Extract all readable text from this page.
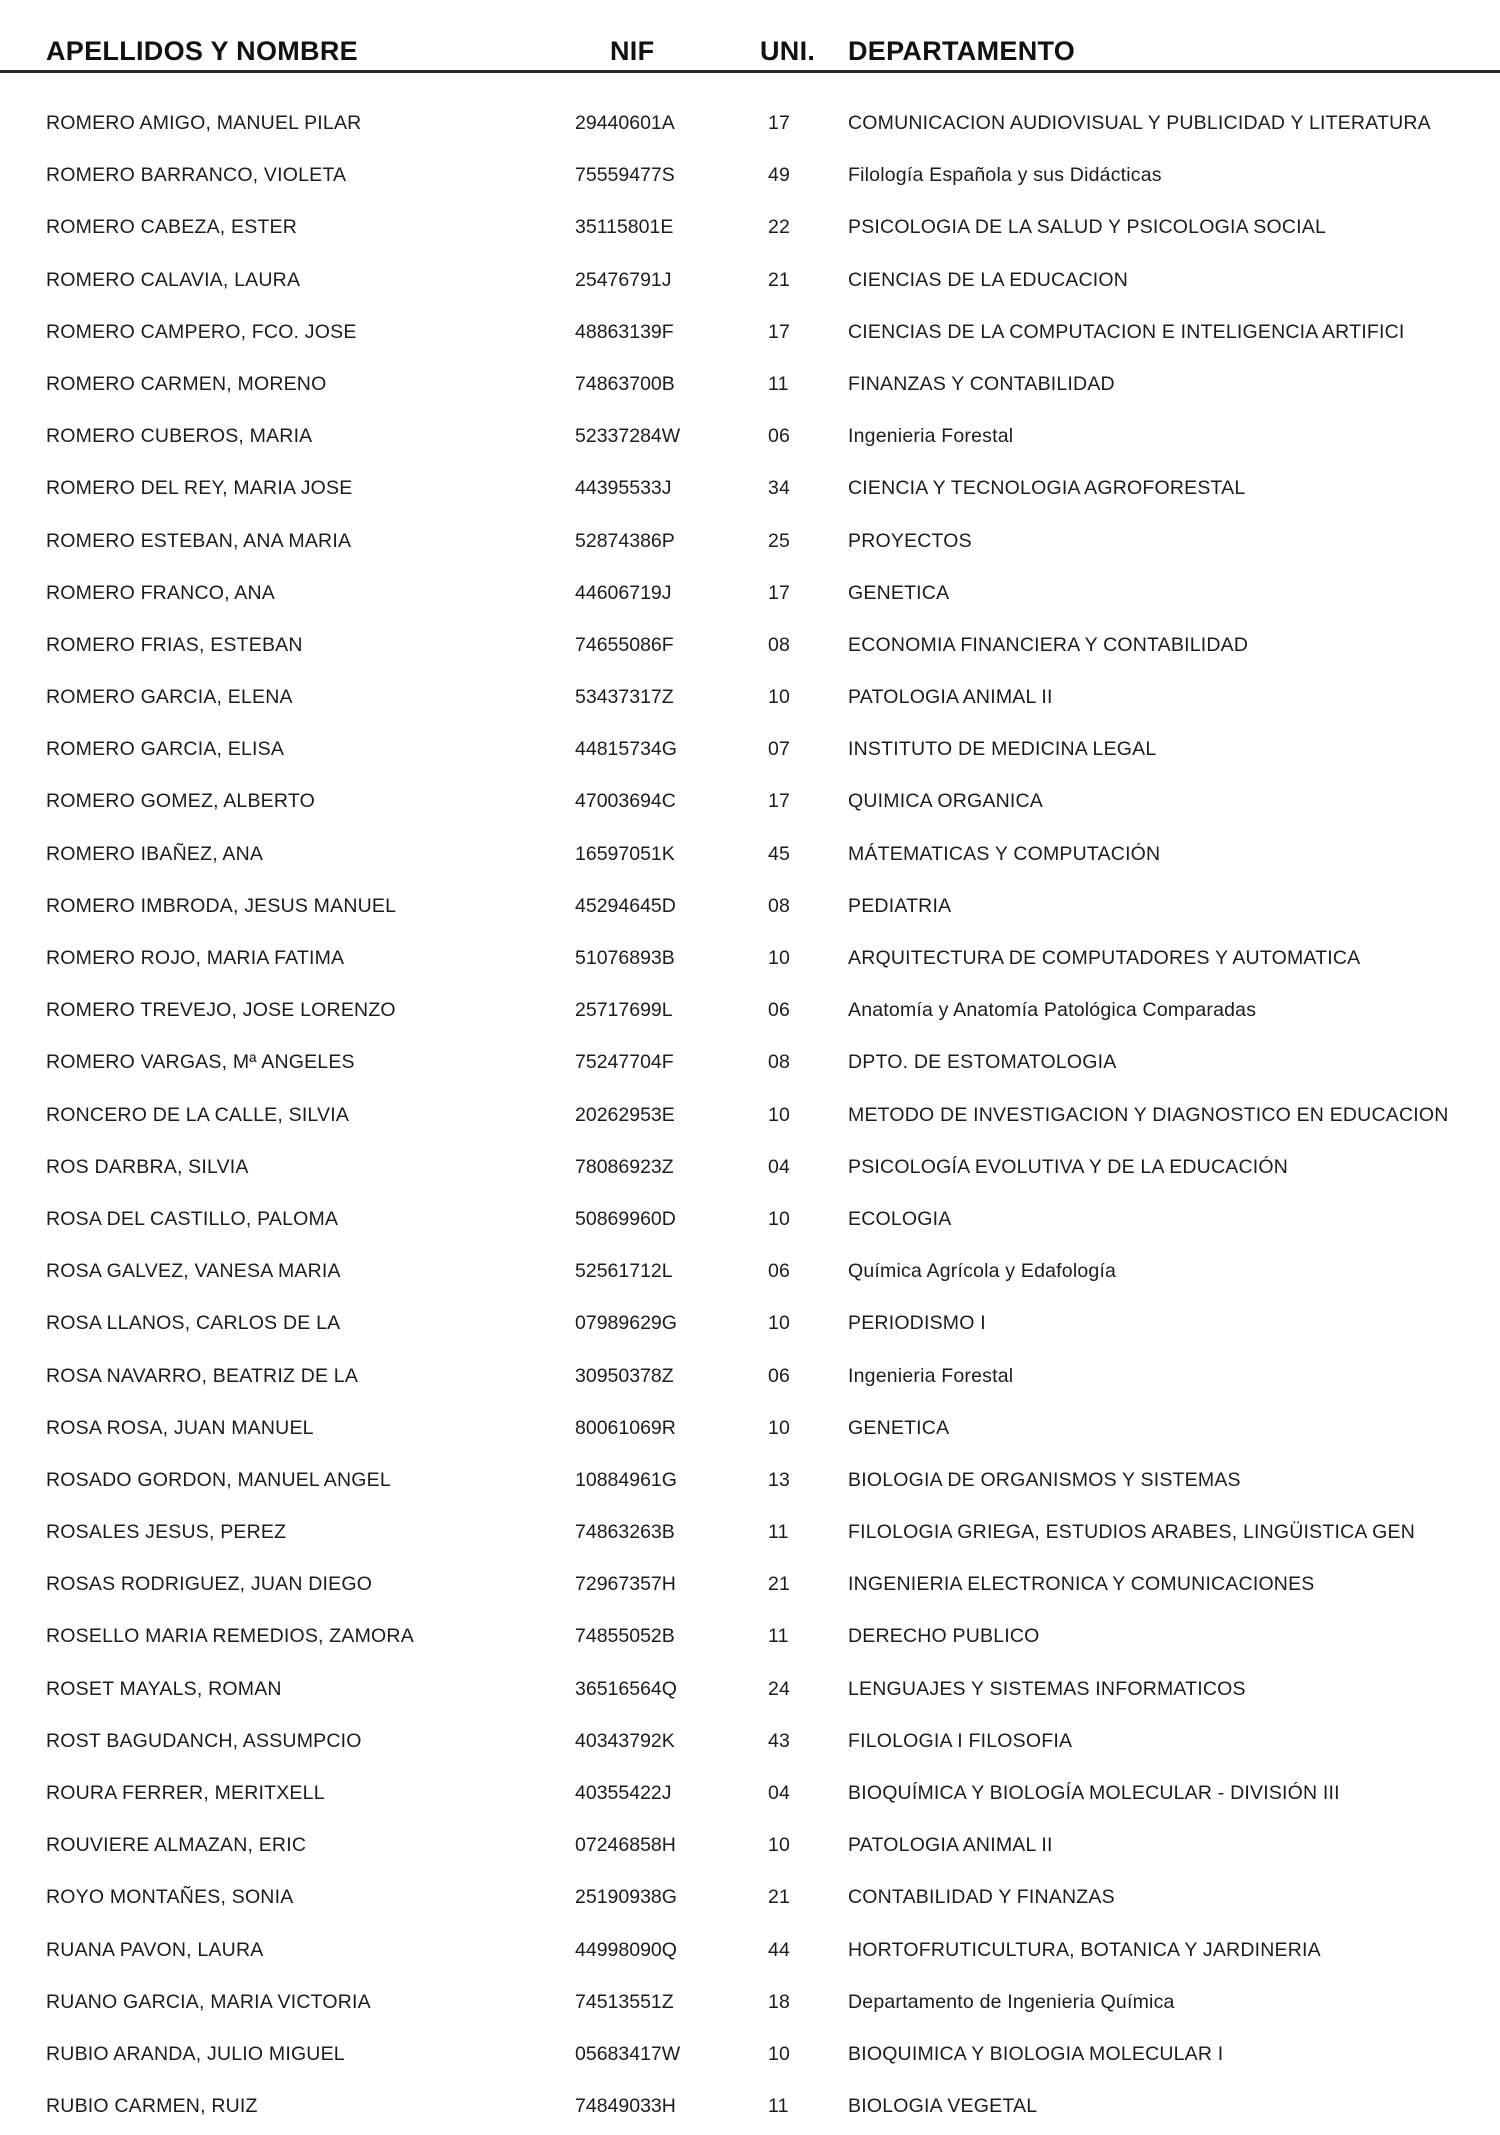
APELLIDOS Y NOMBRE	NIF	UNI. DEPARTAMENTO
ROMERO AMIGO, MANUEL PILAR	29440601A	17	COMUNICACION AUDIOVISUAL Y PUBLICIDAD Y LITERATURA
ROMERO BARRANCO, VIOLETA	75559477S	49	Filología Española y sus Didácticas
ROMERO CABEZA, ESTER	35115801E	22	PSICOLOGIA DE LA SALUD Y PSICOLOGIA SOCIAL
ROMERO CALAVIA, LAURA	25476791J	21	CIENCIAS DE LA EDUCACION
ROMERO CAMPERO, FCO. JOSE	48863139F	17	CIENCIAS DE LA COMPUTACION E INTELIGENCIA ARTIFICI
ROMERO CARMEN, MORENO	74863700B	11	FINANZAS Y CONTABILIDAD
ROMERO CUBEROS, MARIA	52337284W	06	Ingenieria Forestal
ROMERO DEL REY, MARIA JOSE	44395533J	34	CIENCIA Y TECNOLOGIA AGROFORESTAL
ROMERO ESTEBAN, ANA MARIA	52874386P	25	PROYECTOS
ROMERO FRANCO, ANA	44606719J	17	GENETICA
ROMERO FRIAS, ESTEBAN	74655086F	08	ECONOMIA FINANCIERA Y CONTABILIDAD
ROMERO GARCIA, ELENA	53437317Z	10	PATOLOGIA ANIMAL II
ROMERO GARCIA, ELISA	44815734G	07	INSTITUTO DE MEDICINA LEGAL
ROMERO GOMEZ, ALBERTO	47003694C	17	QUIMICA ORGANICA
ROMERO IBAÑEZ, ANA	16597051K	45	MÁTEMATICAS Y COMPUTACIÓN
ROMERO IMBRODA, JESUS MANUEL	45294645D	08	PEDIATRIA
ROMERO ROJO, MARIA FATIMA	51076893B	10	ARQUITECTURA DE COMPUTADORES Y AUTOMATICA
ROMERO TREVEJO, JOSE LORENZO	25717699L	06	Anatomía y Anatomía Patológica Comparadas
ROMERO VARGAS, Mª ANGELES	75247704F	08	DPTO. DE ESTOMATOLOGIA
RONCERO DE LA CALLE, SILVIA	20262953E	10	METODO DE INVESTIGACION Y DIAGNOSTICO EN EDUCACION
ROS DARBRA, SILVIA	78086923Z	04	PSICOLOGÍA EVOLUTIVA Y DE LA EDUCACIÓN
ROSA DEL CASTILLO, PALOMA	50869960D	10	ECOLOGIA
ROSA GALVEZ, VANESA MARIA	52561712L	06	Química Agrícola y Edafología
ROSA LLANOS, CARLOS DE LA	07989629G	10	PERIODISMO I
ROSA NAVARRO, BEATRIZ DE LA	30950378Z	06	Ingenieria Forestal
ROSA ROSA, JUAN MANUEL	80061069R	10	GENETICA
ROSADO GORDON, MANUEL ANGEL	10884961G	13	BIOLOGIA DE ORGANISMOS Y SISTEMAS
ROSALES JESUS, PEREZ	74863263B	11	FILOLOGIA GRIEGA, ESTUDIOS ARABES, LINGÜISTICA GEN
ROSAS RODRIGUEZ, JUAN DIEGO	72967357H	21	INGENIERIA ELECTRONICA Y COMUNICACIONES
ROSELLO MARIA REMEDIOS, ZAMORA	74855052B	11	DERECHO PUBLICO
ROSET MAYALS, ROMAN	36516564Q	24	LENGUAJES Y SISTEMAS INFORMATICOS
ROST BAGUDANCH, ASSUMPCIO	40343792K	43	FILOLOGIA I FILOSOFIA
ROURA FERRER, MERITXELL	40355422J	04	BIOQUÍMICA Y BIOLOGÍA MOLECULAR - DIVISIÓN III
ROUVIERE ALMAZAN, ERIC	07246858H	10	PATOLOGIA ANIMAL II
ROYO MONTAÑES, SONIA	25190938G	21	CONTABILIDAD Y FINANZAS
RUANA PAVON, LAURA	44998090Q	44	HORTOFRUTICULTURA, BOTANICA Y JARDINERIA
RUANO GARCIA, MARIA VICTORIA	74513551Z	18	Departamento de Ingenieria Química
RUBIO ARANDA, JULIO MIGUEL	05683417W	10	BIOQUIMICA Y BIOLOGIA MOLECULAR I
RUBIO CARMEN, RUIZ	74849033H	11	BIOLOGIA VEGETAL
